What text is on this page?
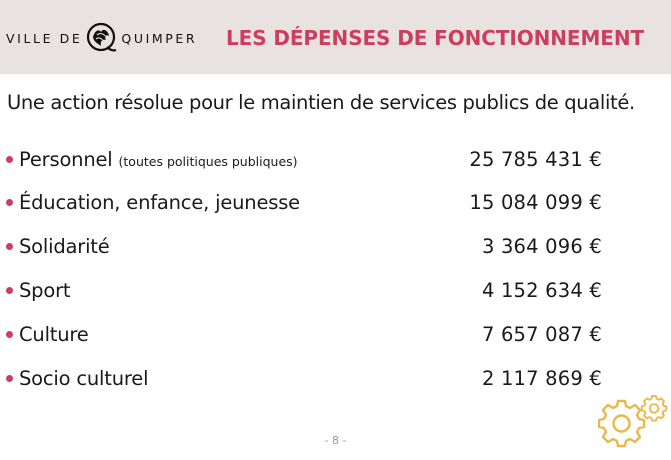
VILLE DE	QUIMPER LES DÉPENSES DE FONCTIONNEMENT
Une action résolue pour le maintien de services publics de qualité.
Personnel (toutes politiques publiques)	25 785 431 €
Éducation, enfance, jeunesse	15 084 099 €
Solidarité	3 364 096 €
Sport	4 152 634 €
Culture	7 657 087 €
Socio culturel	2 117 869 €
- 8 -
